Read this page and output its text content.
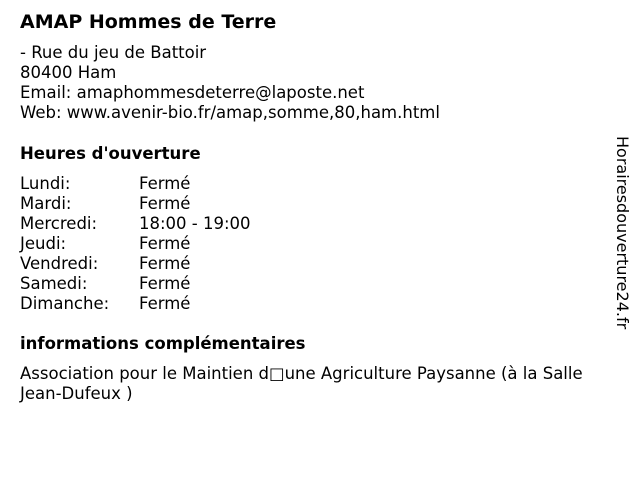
AMAP Hommes de Terre
- Rue du jeu de Battoir
80400 Ham
Email: amaphommesdeterre@laposte.net
Web: www.avenir-bio.fr/amap,somme,80,ham.html
Heures d'ouverture
Lundi:	Fermé
Mardi:	Fermé
Mercredi:	18:00 - 19:00
Jeudi:	Fermé
Vendredi: Fermé
Samedi:	Fermé
Dimanche: Fermé
informations complémentaires
Association pour le Maintien d□une Agriculture Paysanne (à la Salle Jean-Dufeux )
Horairesdouverture24.fr
